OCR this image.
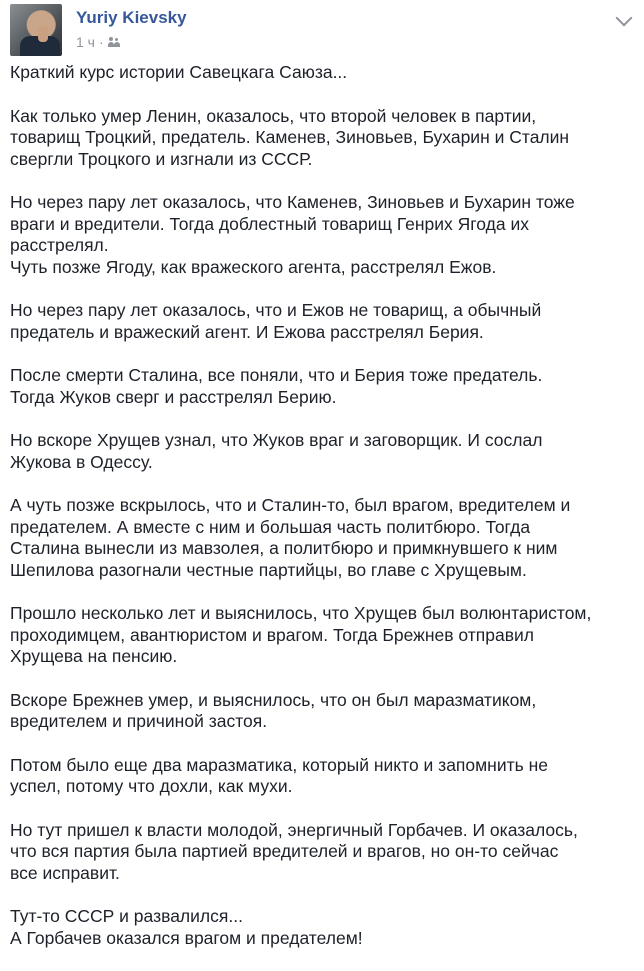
Yuriy Kievsky
1 ч ·

Краткий курс истории Савецкага Саюза...

Как только умер Ленин, оказалось, что второй человек в партии,
товарищ Троцкий, предатель. Каменев, Зиновьев, Бухарин и Сталин
свергли Троцкого и изгнали из СССР.

Но через пару лет оказалось, что Каменев, Зиновьев и Бухарин тоже
враги и вредители. Тогда доблестный товарищ Генрих Ягода их
расстрелял.
Чуть позже Ягоду, как вражеского агента, расстрелял Ежов.

Но через пару лет оказалось, что и Ежов не товарищ, а обычный
предатель и вражеский агент. И Ежова расстрелял Берия.

После смерти Сталина, все поняли, что и Берия тоже предатель.
Тогда Жуков сверг и расстрелял Берию.

Но вскоре Хрущев узнал, что Жуков враг и заговорщик. И сослал
Жукова в Одессу.

А чуть позже вскрылось, что и Сталин-то, был врагом, вредителем и
предателем. А вместе с ним и большая часть политбюро. Тогда
Сталина вынесли из мавзолея, а политбюро и примкнувшего к ним
Шепилова разогнали честные партийцы, во главе с Хрущевым.

Прошло несколько лет и выяснилось, что Хрущев был волюнтаристом,
проходимцем, авантюристом и врагом. Тогда Брежнев отправил
Хрущева на пенсию.

Вскоре Брежнев умер, и выяснилось, что он был маразматиком,
вредителем и причиной застоя.

Потом было еще два маразматика, который никто и запомнить не
успел, потому что дохли, как мухи.

Но тут пришел к власти молодой, энергичный Горбачев. И оказалось,
что вся партия была партией вредителей и врагов, но он-то сейчас
все исправит.

Тут-то СССР и развалился...
А Горбачев оказался врагом и предателем!
